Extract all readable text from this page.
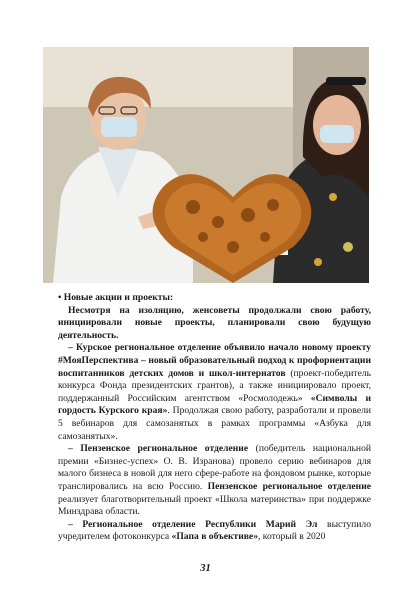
• Новые акции и проекты:

Несмотря на изоляцию, женсоветы продолжали свою работу, инициировали новые проекты, планировали свою будущую деятельность.

– Курское региональное отделение объявило начало новому проекту #МояПерспектива – новый образовательный подход к профориентации воспитанников детских домов и школ-интернатов (проект-победитель конкурса Фонда президентских грантов), а также инициировало проект, поддержанный Российским агентством «Росмолодежь» «Символы и гордость Курского края». Продолжая свою работу, разработали и провели 5 вебинаров для самозанятых в рамках программы «Азбука для самозанятых».

– Пензенское региональное отделение (победитель национальной премии «Бизнес-успех» О. В. Изранова) провело серию вебинаров для малого бизнеса в новой для него сфере-работе на фондовом рынке, которые транслировались на всю Россию. Пензенское региональное отделение реализует благотворительный проект «Школа материнства» при поддержке Минздрава области.

– Региональное отделение Республики Марий Эл выступило учредителем фотоконкурса «Папа в объективе», который в 2020

31
